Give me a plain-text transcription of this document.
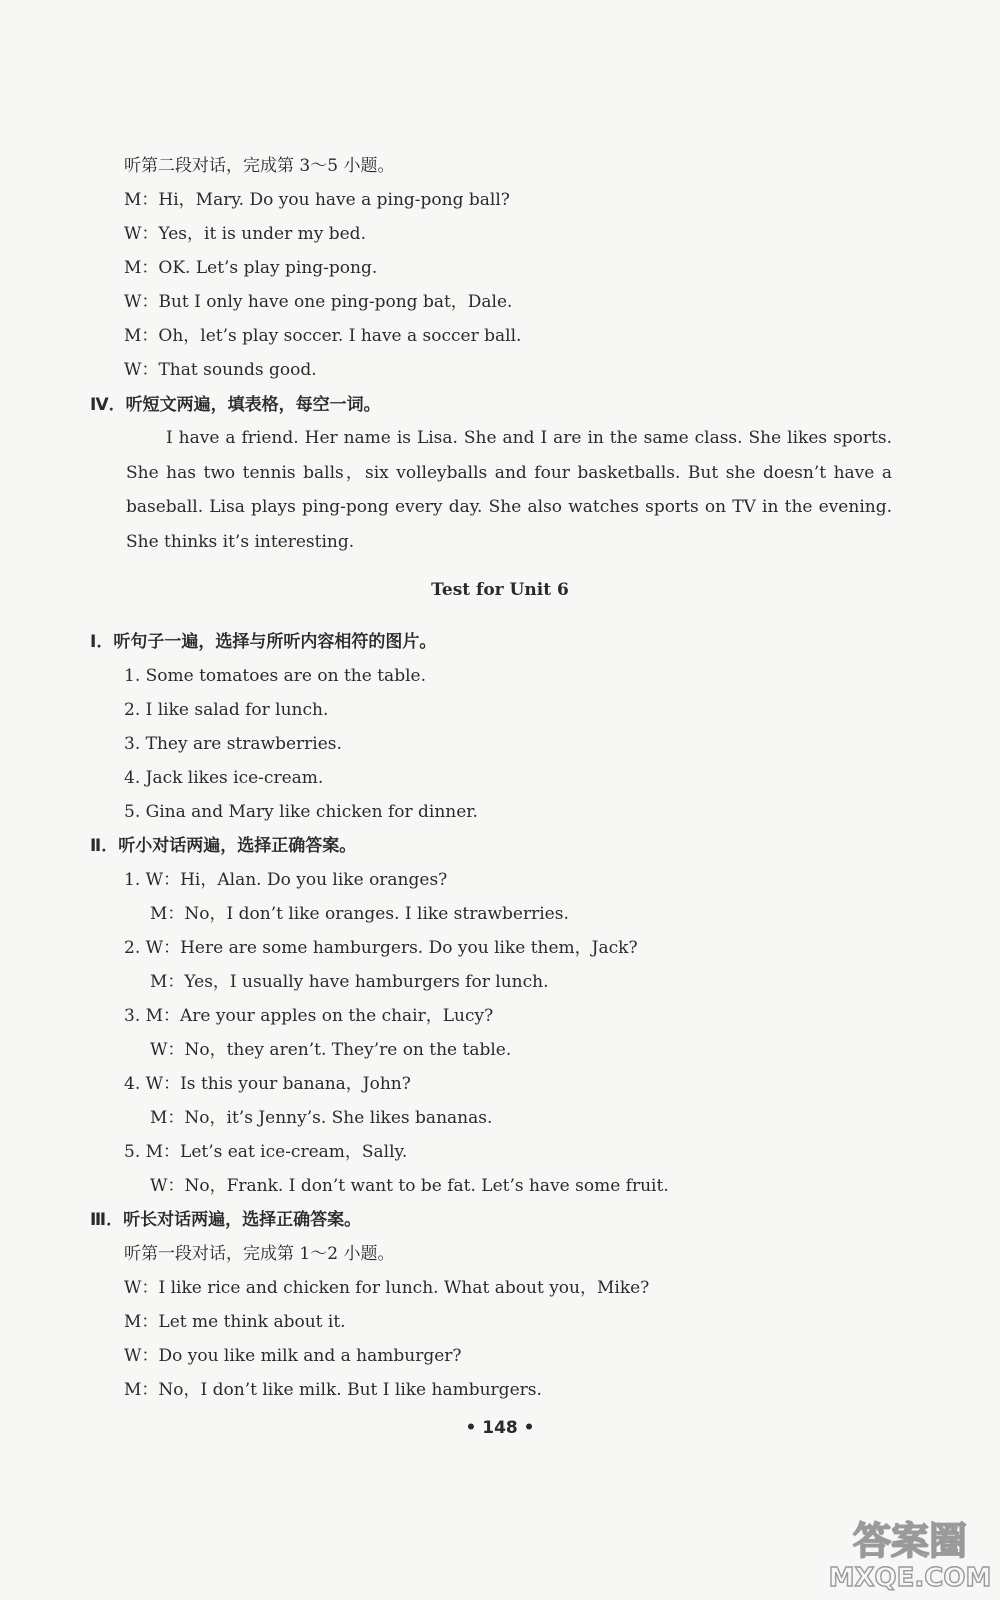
听第二段对话，完成第 3～5 小题。
M：Hi，Mary. Do you have a ping-pong ball?
W：Yes，it is under my bed.
M：OK. Let’s play ping-pong.
W：But I only have one ping-pong bat，Dale.
M：Oh，let’s play soccer. I have a soccer ball.
W：That sounds good.
Ⅳ．听短文两遍，填表格，每空一词。
I have a friend. Her name is Lisa. She and I are in the same class. She likes sports. She has two tennis balls，six volleyballs and four basketballs. But she doesn’t have a baseball. Lisa plays ping-pong every day. She also watches sports on TV in the evening. She thinks it’s interesting.
Test for Unit 6
Ⅰ．听句子一遍，选择与所听内容相符的图片。
1. Some tomatoes are on the table.
2. I like salad for lunch.
3. They are strawberries.
4. Jack likes ice-cream.
5. Gina and Mary like chicken for dinner.
Ⅱ．听小对话两遍，选择正确答案。
1. W：Hi，Alan. Do you like oranges?
M：No，I don’t like oranges. I like strawberries.
2. W：Here are some hamburgers. Do you like them，Jack?
M：Yes，I usually have hamburgers for lunch.
3. M：Are your apples on the chair，Lucy?
W：No，they aren’t. They’re on the table.
4. W：Is this your banana，John?
M：No，it’s Jenny’s. She likes bananas.
5. M：Let’s eat ice-cream，Sally.
W：No，Frank. I don’t want to be fat. Let’s have some fruit.
Ⅲ．听长对话两遍，选择正确答案。
听第一段对话，完成第 1～2 小题。
W：I like rice and chicken for lunch. What about you，Mike?
M：Let me think about it.
W：Do you like milk and a hamburger?
M：No，I don’t like milk. But I like hamburgers.
• 148 •
答案圈
MXQE.COM
